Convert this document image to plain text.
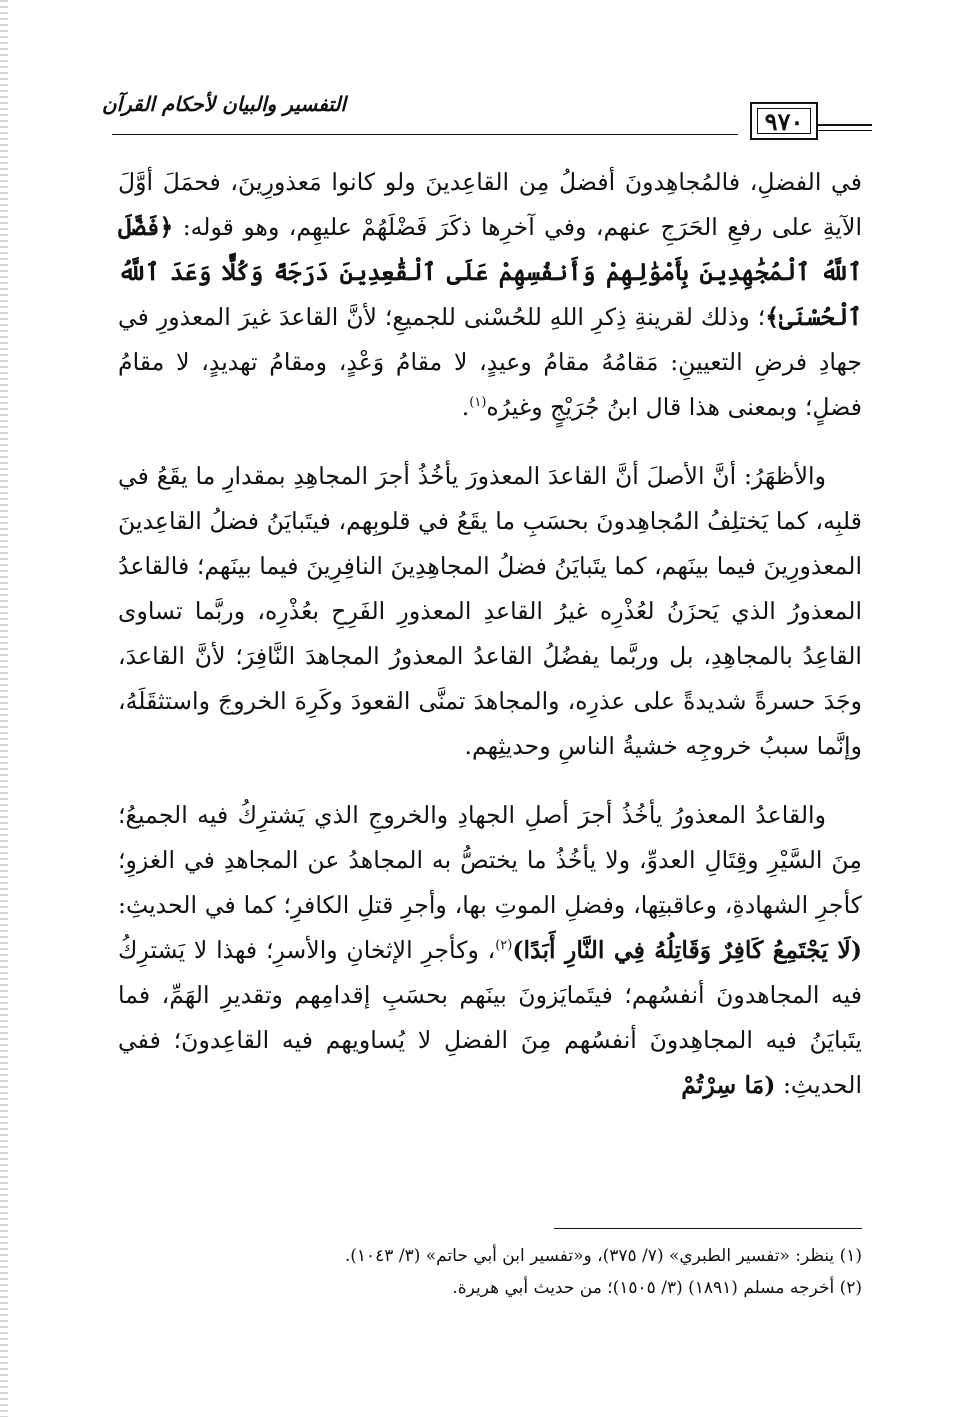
التفسير والبيان لأحكام القرآن
٩٧٠

في الفضلِ، فالمُجاهِدونَ أفضلُ مِن القاعِدينَ ولو كانوا مَعذورِينَ، فحمَلَ أوَّلَ الآيةِ على رفعِ الحَرَجِ عنهم، وفي آخرِها ذكَرَ فَضْلَهُمْ عليهِم، وهو قوله: ﴿فَضَّلَ ٱللَّهُ ٱلْمُجَٰهِدِينَ بِأَمْوَٰلِهِمْ وَأَنفُسِهِمْ عَلَى ٱلْقَٰعِدِينَ دَرَجَةً وَكُلًّا وَعَدَ ٱللَّهُ ٱلْحُسْنَىٰ﴾؛ وذلك لقرينةِ ذِكرِ اللهِ للحُسْنى للجميعِ؛ لأنَّ القاعدَ غيرَ المعذورِ في جهادِ فرضِ التعيينِ: مَقامُهُ مقامُ وعيدٍ، لا مقامُ وَعْدٍ، ومقامُ تهديدٍ، لا مقامُ فضلٍ؛ وبمعنى هذا قال ابنُ جُرَيْجٍ وغيرُه$^{(١)}$.

والأظهَرُ: أنَّ الأصلَ أنَّ القاعدَ المعذورَ يأخُذُ أجرَ المجاهِدِ بمقدارِ ما يقَعُ في قلبِه، كما يَختلِفُ المُجاهِدونَ بحسَبِ ما يقَعُ في قلوبِهم، فيتَبايَنُ فضلُ القاعِدينَ المعذورِينَ فيما بينَهم، كما يتَبايَنُ فضلُ المجاهِدِينَ النافِرِينَ فيما بينَهم؛ فالقاعدُ المعذورُ الذي يَحزَنُ لعُذْرِه غيرُ القاعدِ المعذورِ الفَرِحِ بعُذْرِه، وربَّما تساوى القاعِدُ بالمجاهِدِ، بل وربَّما يفضُلُ القاعدُ المعذورُ المجاهدَ النَّافِرَ؛ لأنَّ القاعدَ، وجَدَ حسرةً شديدةً على عذرِه، والمجاهدَ تمنَّى القعودَ وكَرِهَ الخروجَ واستثقَلَهُ، وإنَّما سببُ خروجِه خشيةُ الناسِ وحديثِهم.

والقاعدُ المعذورُ يأخُذُ أجرَ أصلِ الجهادِ والخروجِ الذي يَشترِكُ فيه الجميعُ؛ مِنَ السَّيْرِ وقِتَالِ العدوِّ، ولا يأخُذُ ما يختصُّ به المجاهدُ عن المجاهدِ في الغزوِ؛ كأجرِ الشهادةِ، وعاقبتِها، وفضلِ الموتِ بها، وأجرِ قتلِ الكافرِ؛ كما في الحديثِ: (لَا يَجْتَمِعُ كَافِرٌ وَقَاتِلُهُ فِي النَّارِ أَبَدًا)$^{(٢)}$، وكأجرِ الإثخانِ والأسرِ؛ فهذا لا يَشترِكُ فيه المجاهدونَ أنفسُهم؛ فيتَمايَزونَ بينَهم بحسَبِ إقدامِهم وتقديرِ الهَمِّ، فما يتَبايَنُ فيه المجاهِدونَ أنفسُهم مِنَ الفضلِ لا يُساويهم فيه القاعِدونَ؛ ففي الحديثِ: (مَا سِرْتُمْ

(١) ينظر: «تفسير الطبري» (٧/ ٣٧٥)، و«تفسير ابن أبي حاتم» (٣/ ١٠٤٣).
(٢) أخرجه مسلم (١٨٩١) (٣/ ١٥٠٥)؛ من حديث أبي هريرة.
